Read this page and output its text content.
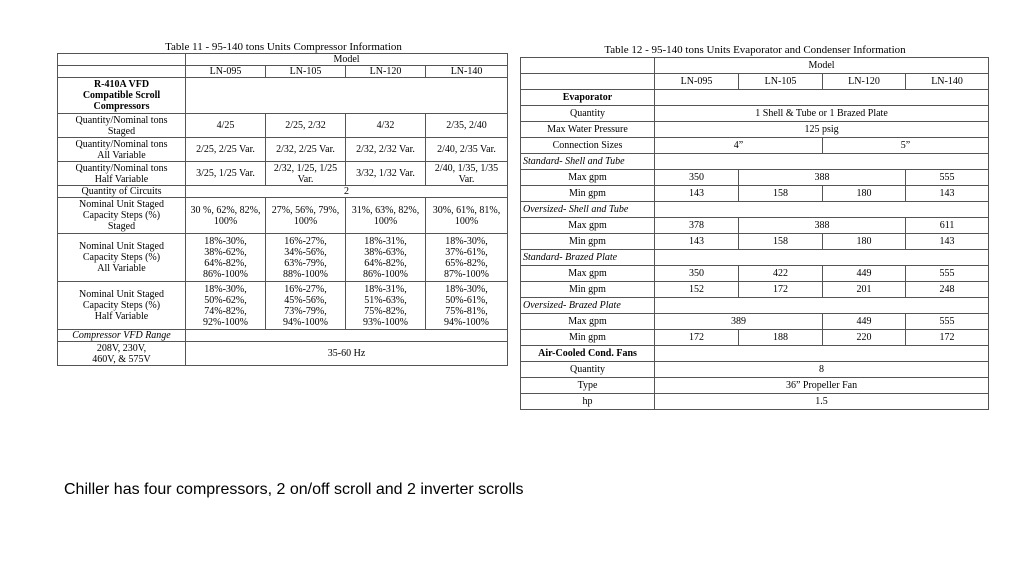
Table 11 - 95-140 tons Units Compressor Information
	Model			
	LN-095	LN-105	LN-120	LN-140
R-410A VFD
Compatible Scroll
Compressors				
Quantity/Nominal tons
Staged	4/25	2/25, 2/32	4/32	2/35, 2/40
Quantity/Nominal tons
All Variable	2/25, 2/25 Var.	2/32, 2/25 Var.	2/32, 2/32 Var.	2/40, 2/35 Var.
Quantity/Nominal tons
Half Variable	3/25, 1/25 Var.	2/32, 1/25, 1/25 Var.	3/32, 1/32 Var.	2/40, 1/35, 1/35 Var.
Quantity of Circuits	2			
Nominal Unit Staged
Capacity Steps (%)
Staged	30 %, 62%, 82%, 100%	27%, 56%, 79%, 100%	31%, 63%, 82%, 100%	30%, 61%, 81%, 100%
Nominal Unit Staged
Capacity Steps (%)
All Variable	18%-30%,
38%-62%,
64%-82%,
86%-100%	16%-27%,
34%-56%,
63%-79%,
88%-100%	18%-31%,
38%-63%,
64%-82%,
86%-100%	18%-30%,
37%-61%,
65%-82%,
87%-100%
Nominal Unit Staged
Capacity Steps (%)
Half Variable	18%-30%,
50%-62%,
74%-82%,
92%-100%	16%-27%,
45%-56%,
73%-79%,
94%-100%	18%-31%,
51%-63%,
75%-82%,
93%-100%	18%-30%,
50%-61%,
75%-81%,
94%-100%
Compressor VFD Range				
208V, 230V,
460V, & 575V	35-60 Hz			
Table 12 - 95-140 tons Units Evaporator and Condenser Information
	Model			
	LN-095	LN-105	LN-120	LN-140
Evaporator				
Quantity	1 Shell & Tube or 1 Brazed Plate			
Max Water Pressure	125 psig			
Connection Sizes	4”		5”	
Standard- Shell and Tube				
Max gpm	350	388		555
Min gpm	143	158	180	143
Oversized- Shell and Tube				
Max gpm	378	388		611
Min gpm	143	158	180	143
Standard- Brazed Plate				
Max gpm	350	422	449	555
Min gpm	152	172	201	248
Oversized- Brazed Plate				
Max gpm	389		449	555
Min gpm	172	188	220	172
Air-Cooled Cond. Fans				
Quantity	8			
Type	36” Propeller Fan			
hp	1.5			
Chiller has four compressors, 2 on/off scroll and 2 inverter scrolls
